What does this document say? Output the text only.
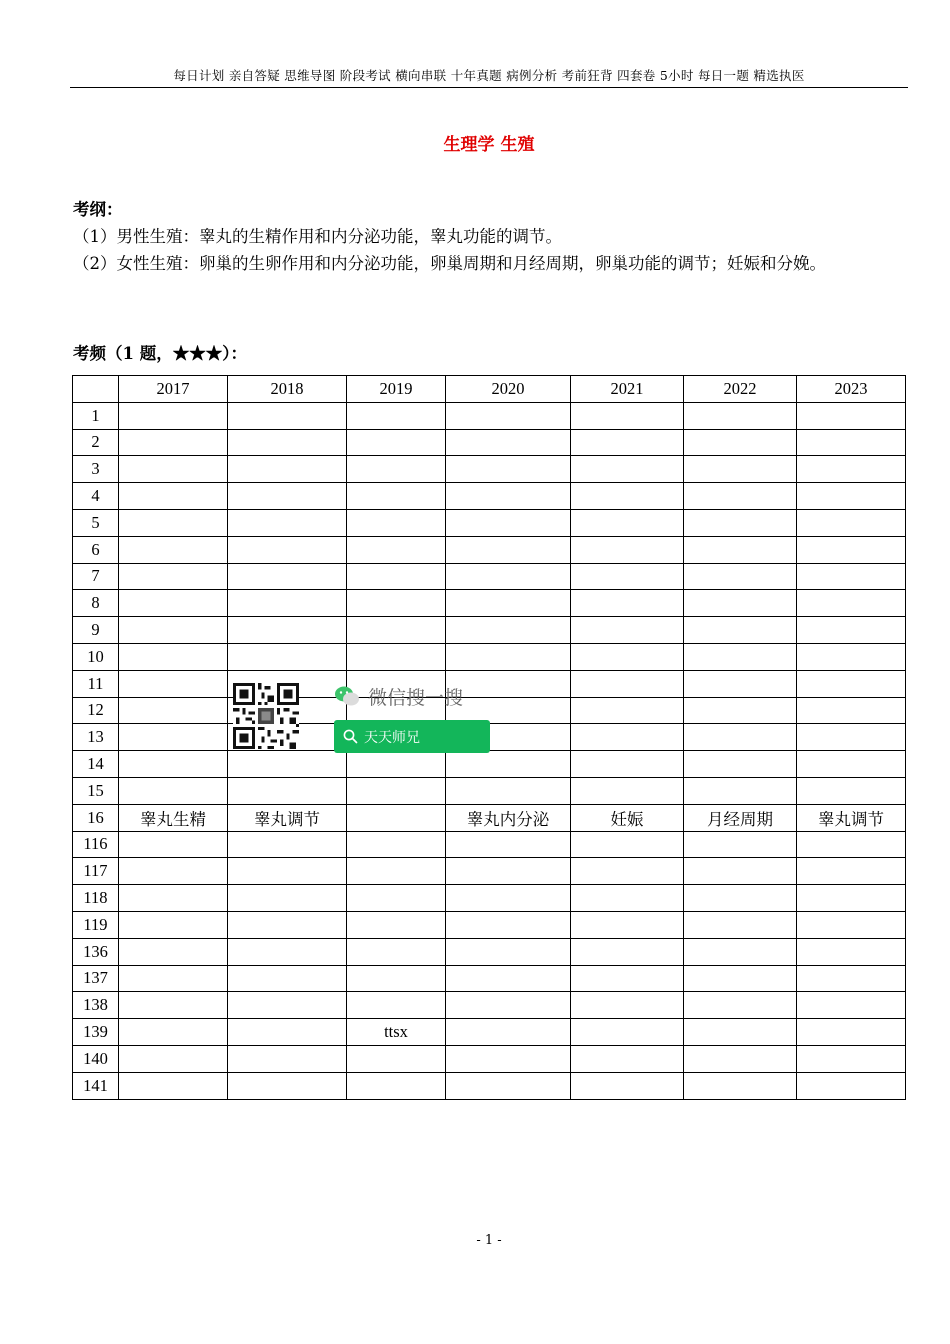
每日计划 亲自答疑 思维导图 阶段考试 横向串联 十年真题 病例分析 考前狂背 四套卷 5小时 每日一题 精选执医
生理学 生殖
考纲：
（1）男性生殖：睾丸的生精作用和内分泌功能，睾丸功能的调节。
（2）女性生殖：卵巢的生卵作用和内分泌功能，卵巢周期和月经周期，卵巢功能的调节；妊娠和分娩。
考频（1 题，★★★）：
	2017	2018	2019	2020	2021	2022	2023
1							
2							
3							
4							
5							
6							
7							
8							
9							
10							
11							
12							
13							
14							
15							
16	睾丸生精	睾丸调节		睾丸内分泌	妊娠	月经周期	睾丸调节
116							
117							
118							
119							
136							
137							
138							
139			ttsx				
140							
141							
微信搜一搜
天天师兄
- 1 -
